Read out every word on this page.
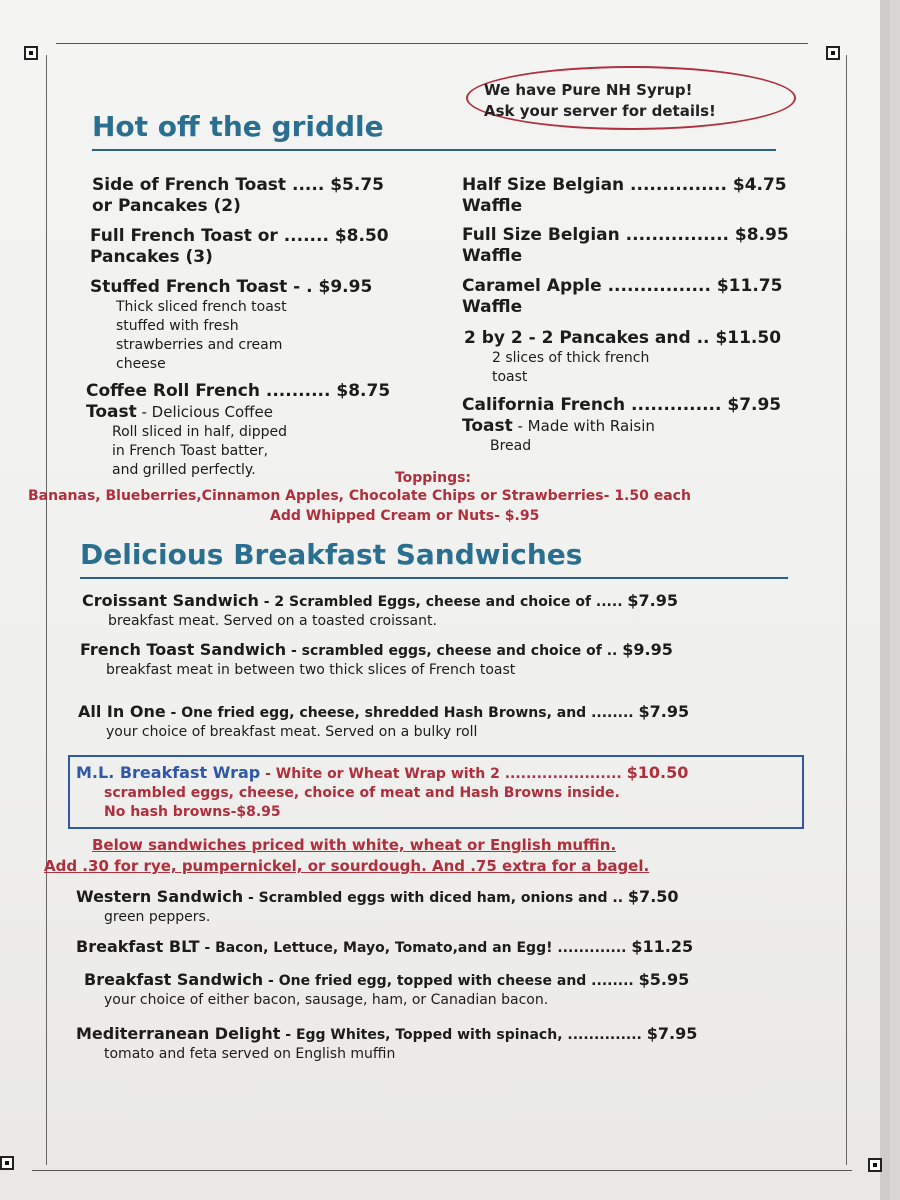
We have Pure NH Syrup!
Ask your server for details!
Hot off the griddle
Side of French Toast ..... $5.75
or Pancakes (2)
Full French Toast or ....... $8.50
Pancakes (3)
Stuffed French Toast - . $9.95
Thick sliced french toast
stuffed with fresh
strawberries and cream
cheese
Coffee Roll French .......... $8.75
Toast - Delicious Coffee
Roll sliced in half, dipped
in French Toast batter,
and grilled perfectly.
Half Size Belgian ............... $4.75
Waffle
Full Size Belgian ................ $8.95
Waffle
Caramel Apple ................ $11.75
Waffle
2 by 2 - 2 Pancakes and .. $11.50
2 slices of thick french
toast
California French .............. $7.95
Toast - Made with Raisin
Bread
Toppings:
Bananas, Blueberries,Cinnamon Apples, Chocolate Chips or Strawberries- 1.50 each
Add Whipped Cream or Nuts- $.95
Delicious Breakfast Sandwiches
Croissant Sandwich - 2 Scrambled Eggs, cheese and choice of ..... $7.95
breakfast meat. Served on a toasted croissant.
French Toast Sandwich - scrambled eggs, cheese and choice of .. $9.95
breakfast meat in between two thick slices of French toast
All In One - One fried egg, cheese, shredded Hash Browns, and ........ $7.95
your choice of breakfast meat. Served on a bulky roll
M.L. Breakfast Wrap - White or Wheat Wrap with 2 ...................... $10.50
scrambled eggs, cheese, choice of meat and Hash Browns inside.
No hash browns-$8.95
Below sandwiches priced with white, wheat or English muffin.
Add .30 for rye, pumpernickel, or sourdough. And .75 extra for a bagel.
Western Sandwich - Scrambled eggs with diced ham, onions and .. $7.50
green peppers.
Breakfast BLT - Bacon, Lettuce, Mayo, Tomato,and an Egg! ............. $11.25
Breakfast Sandwich - One fried egg, topped with cheese and ........ $5.95
your choice of either bacon, sausage, ham, or Canadian bacon.
Mediterranean Delight - Egg Whites, Topped with spinach, .............. $7.95
tomato and feta served on English muffin
